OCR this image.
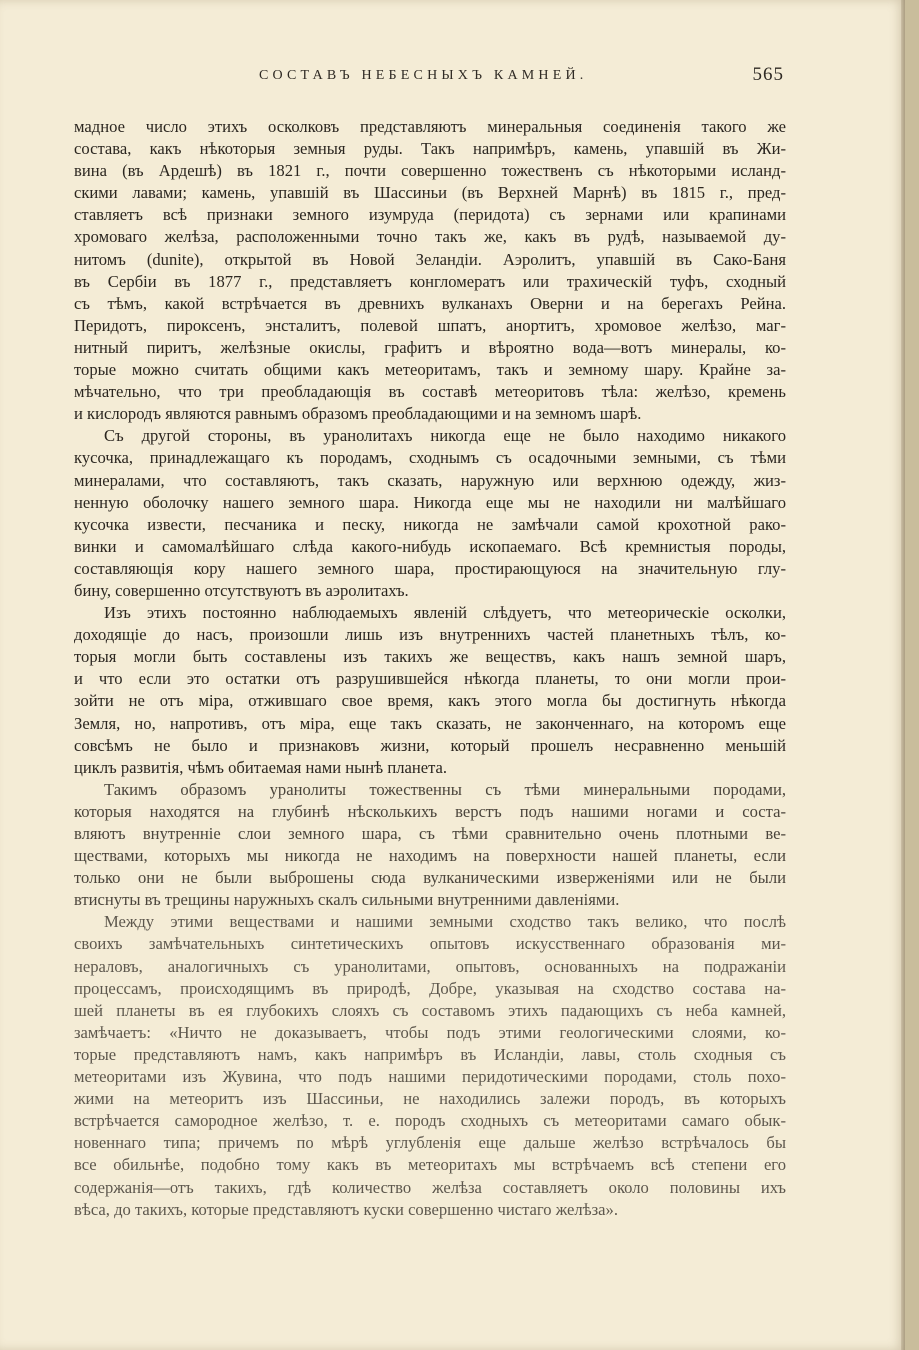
СОСТАВЪ НЕБЕСНЫХЪ КАМНЕЙ.	565
мадное число этихъ осколковъ представляютъ минеральныя соединенія такого же
состава, какъ нѣкоторыя земныя руды. Такъ напримѣръ, камень, упавшій въ Жи-
вина (въ Ардешѣ) въ 1821 г., почти совершенно тожественъ съ нѣкоторыми исланд-
скими лавами; камень, упавшій въ Шассиньи (въ Верхней Марнѣ) въ 1815 г., пред-
ставляетъ всѣ признаки земного изумруда (перидота) съ зернами или крапинами
хромоваго желѣза, расположенными точно такъ же, какъ въ рудѣ, называемой ду-
нитомъ (dunite), открытой въ Новой Зеландіи. Аэролитъ, упавшій въ Сако-Баня
въ Сербіи въ 1877 г., представляетъ конгломератъ или трахическій туфъ, сходный
съ тѣмъ, какой встрѣчается въ древнихъ вулканахъ Оверни и на берегахъ Рейна.
Перидотъ, пироксенъ, энсталитъ, полевой шпатъ, анортитъ, хромовое желѣзо, маг-
нитный пиритъ, желѣзные окислы, графитъ и вѣроятно вода—вотъ минералы, ко-
торые можно считать общими какъ метеоритамъ, такъ и земному шару. Крайне за-
мѣчательно, что три преобладающія въ составѣ метеоритовъ тѣла: желѣзо, кремень
и кислородъ являются равнымъ образомъ преобладающими и на земномъ шарѣ.
Съ другой стороны, въ уранолитахъ никогда еще не было находимо никакого
кусочка, принадлежащаго къ породамъ, сходнымъ съ осадочными земными, съ тѣми
минералами, что составляютъ, такъ сказать, наружную или верхнюю одежду, жиз-
ненную оболочку нашего земного шара. Никогда еще мы не находили ни малѣйшаго
кусочка извести, песчаника и песку, никогда не замѣчали самой крохотной рако-
винки и самомалѣйшаго слѣда какого-нибудь ископаемаго. Всѣ кремнистыя породы,
составляющія кору нашего земного шара, простирающуюся на значительную глу-
бину, совершенно отсутствуютъ въ аэролитахъ.
Изъ этихъ постоянно наблюдаемыхъ явленій слѣдуетъ, что метеорическіе осколки,
доходящіе до насъ, произошли лишь изъ внутреннихъ частей планетныхъ тѣлъ, ко-
торыя могли быть составлены изъ такихъ же веществъ, какъ нашъ земной шаръ,
и что если это остатки отъ разрушившейся нѣкогда планеты, то они могли прои-
зойти не отъ міра, отжившаго свое время, какъ этого могла бы достигнуть нѣкогда
Земля, но, напротивъ, отъ міра, еще такъ сказать, не законченнаго, на которомъ еще
совсѣмъ не было и признаковъ жизни, который прошелъ несравненно меньшій
циклъ развитія, чѣмъ обитаемая нами нынѣ планета.
Такимъ образомъ уранолиты тожественны съ тѣми минеральными породами,
которыя находятся на глубинѣ нѣсколькихъ верстъ подъ нашими ногами и соста-
вляютъ внутренніе слои земного шара, съ тѣми сравнительно очень плотными ве-
ществами, которыхъ мы никогда не находимъ на поверхности нашей планеты, если
только они не были выброшены сюда вулканическими изверженіями или не были
втиснуты въ трещины наружныхъ скалъ сильными внутренними давленіями.
Между этими веществами и нашими земными сходство такъ велико, что послѣ
своихъ замѣчательныхъ синтетическихъ опытовъ искусственнаго образованія ми-
нераловъ, аналогичныхъ съ уранолитами, опытовъ, основанныхъ на подражаніи
процессамъ, происходящимъ въ природѣ, Добре, указывая на сходство состава на-
шей планеты въ ея глубокихъ слояхъ съ составомъ этихъ падающихъ съ неба камней,
замѣчаетъ: «Ничто не доказываетъ, чтобы подъ этими геологическими слоями, ко-
торые представляютъ намъ, какъ напримѣръ въ Исландіи, лавы, столь сходныя съ
метеоритами изъ Жувина, что подъ нашими перидотическими породами, столь похо-
жими на метеоритъ изъ Шассиньи, не находились залежи породъ, въ которыхъ
встрѣчается самородное желѣзо, т. е. породъ сходныхъ съ метеоритами самаго обык-
новеннаго типа; причемъ по мѣрѣ углубленія еще дальше желѣзо встрѣчалось бы
все обильнѣе, подобно тому какъ въ метеоритахъ мы встрѣчаемъ всѣ степени его
содержанія—отъ такихъ, гдѣ количество желѣза составляетъ около половины ихъ
вѣса, до такихъ, которые представляютъ куски совершенно чистаго желѣза».
